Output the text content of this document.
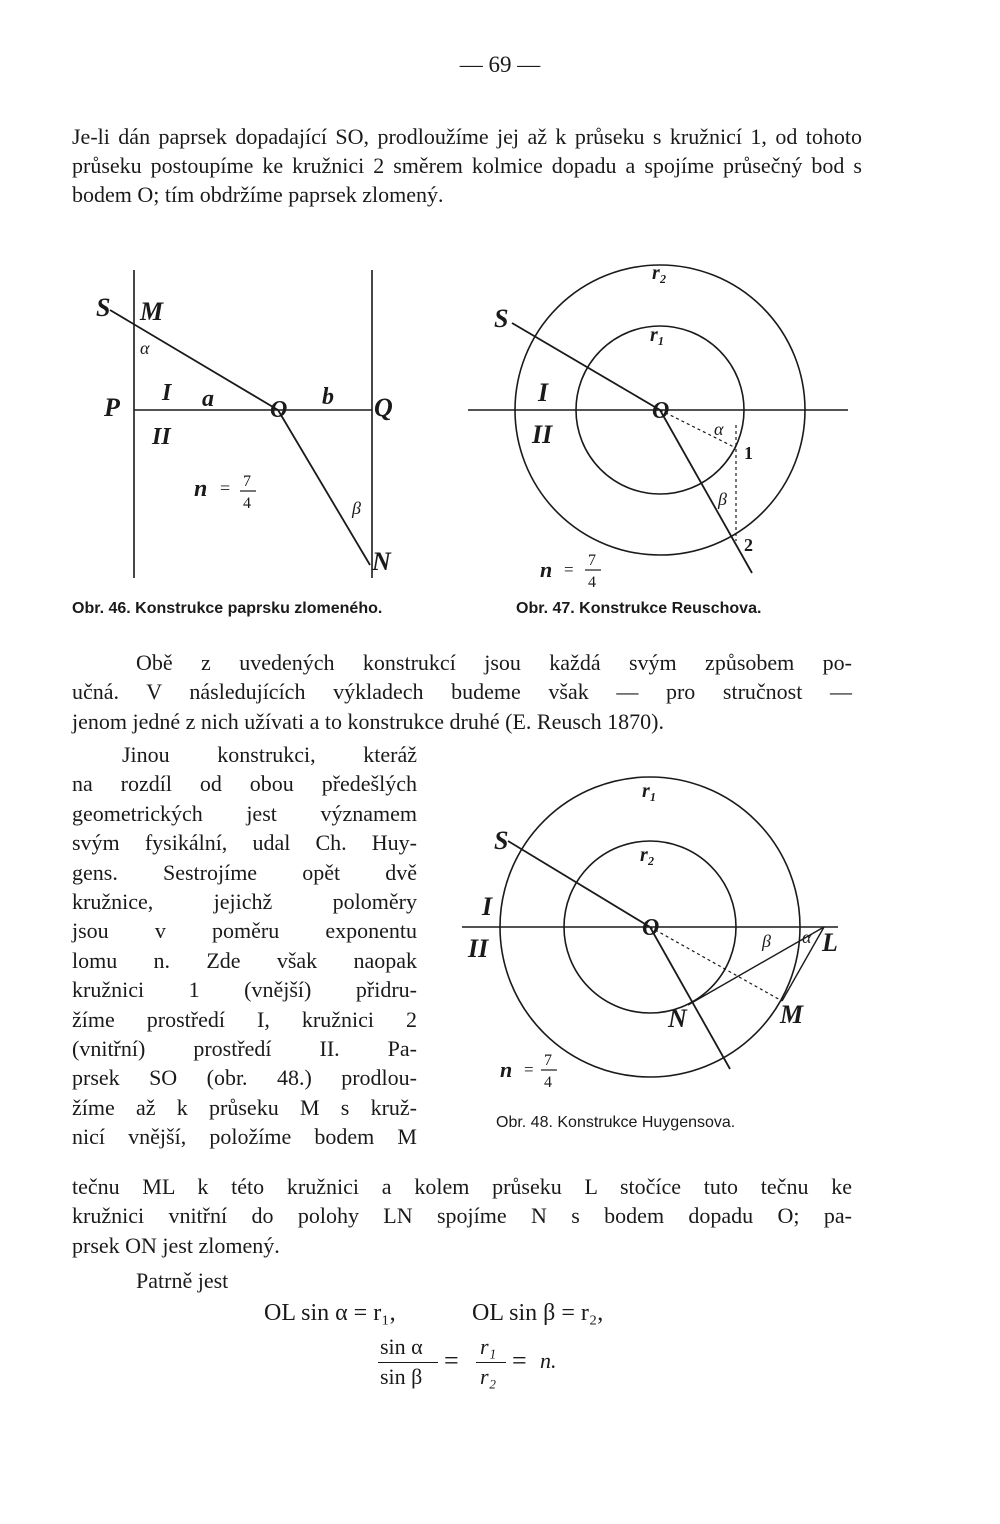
— 69 —

Je-li dán paprsek dopadající SO, prodloužíme jej až k průseku s kružnicí 1, od tohoto průseku postoupíme ke kružnici 2 směrem kolmice dopadu a spojíme průsečný bod s bodem O; tím obdržíme paprsek zlomený.

S M
α
P I a O b Q
II
n = 7
4	β
N
Obr. 46. Konstrukce paprsku zlomeného.
r₂
r₁
S
I
O
α
1
II
β
2
n = 7
4
Obr. 47. Konstrukce Reuschova.
Obě z uvedených konstrukcí jsou každá svým způsobem po-
učná. V následujících výkladech budeme však — pro stručnost —
jenom jedné z nich užívati a to konstrukce druhé (E. Reusch 1870).
Jinou konstrukci, kteráž
na rozdíl od obou předešlých
geometrických jest významem
svým fysikální, udal Ch. Huy-
gens. Sestrojíme opět dvě
kružnice, jejichž poloměry
jsou v poměru exponentu
lomu n. Zde však naopak
kružnici 1 (vnější) přidru-
žíme prostředí I, kružnici 2
(vnitřní) prostředí II. Pa-
prsek SO (obr. 48.) prodlou-
žíme až k průseku M s kruž-
nicí vnější, položíme bodem M
r₁
S	r₂
I
O
II	β α L
N	M
n = 7
4
Obr. 48. Konstrukce Huygensova.
tečnu ML k této kružnici a kolem průseku L stočíce tuto tečnu ke
kružnici vnitřní do polohy LN spojíme N s bodem dopadu O; pa-
prsek ON jest zlomený.
Patrně jest
OL sin α = r₁,	OL sin β = r₂,
sin α
sin β
= r₁
r₂
= n.
